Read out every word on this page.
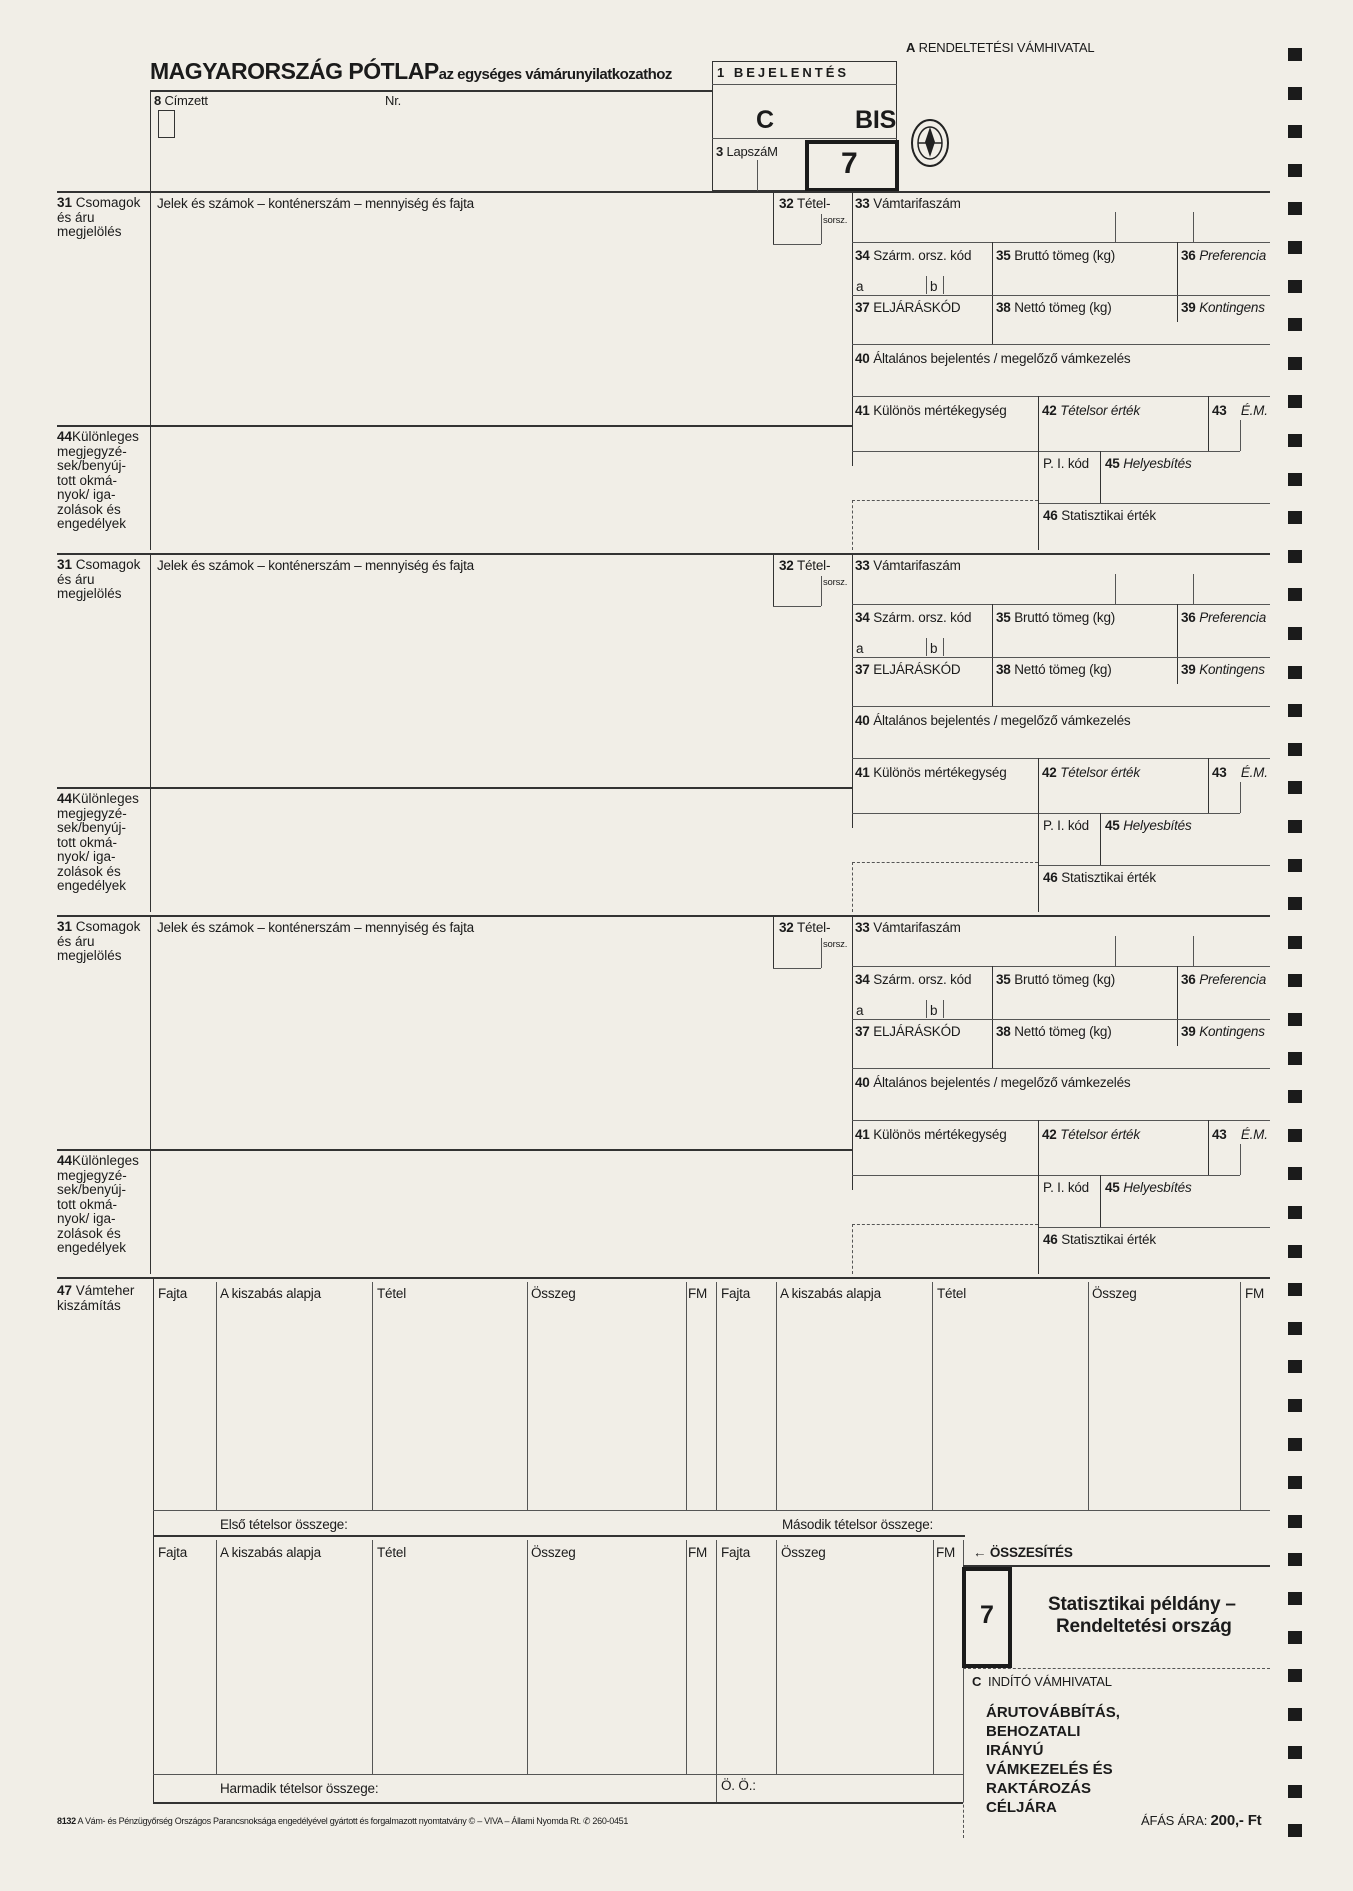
MAGYARORSZÁG PÓTLAPaz egységes vámárunyilatkozathoz
A RENDELTETÉSI VÁMHIVATAL
1 BEJELENTÉS
C	BIS
3 LapszáM 7
8 Címzett	Nr.
31 Csomagok
és áru
megjelölés
Jelek és számok – konténerszám – mennyiség és fajta	32 Tétel-
sorsz.
33 Vámtarifaszám
34 Szárm. orsz. kód
a	b
35 Bruttó tömeg (kg)	36 Preferencia
37 ELJÁRÁSKÓD	38 Nettó tömeg (kg)	39 Kontingens
40 Általános bejelentés / megelőző vámkezelés
41 Különös mértékegység	42 Tételsor érték	43 É.M.
P. I. kód 45 Helyesbítés
46 Statisztikai érték
44Különleges
megjegyzé-
sek/benyúj-
tott okmá-
nyok/ iga-
zolások és
engedélyek
31 Csomagok
és áru
megjelölés
Jelek és számok – konténerszám – mennyiség és fajta	32 Tétel-
sorsz.
33 Vámtarifaszám
34 Szárm. orsz. kód
a	b
35 Bruttó tömeg (kg)	36 Preferencia
37 ELJÁRÁSKÓD	38 Nettó tömeg (kg)	39 Kontingens
40 Általános bejelentés / megelőző vámkezelés
41 Különös mértékegység	42 Tételsor érték	43 É.M.
P. I. kód 45 Helyesbítés
46 Statisztikai érték
44Különleges
megjegyzé-
sek/benyúj-
tott okmá-
nyok/ iga-
zolások és
engedélyek
31 Csomagok
és áru
megjelölés
Jelek és számok – konténerszám – mennyiség és fajta	32 Tétel-
sorsz.
33 Vámtarifaszám
34 Szárm. orsz. kód
a	b
35 Bruttó tömeg (kg)	36 Preferencia
37 ELJÁRÁSKÓD	38 Nettó tömeg (kg)	39 Kontingens
40 Általános bejelentés / megelőző vámkezelés
41 Különös mértékegység	42 Tételsor érték	43 É.M.
P. I. kód 45 Helyesbítés
46 Statisztikai érték
44Különleges
megjegyzé-
sek/benyúj-
tott okmá-
nyok/ iga-
zolások és
engedélyek
47 Vámteher
kiszámítás
Fajta A kiszabás alapja	Tétel	Összeg	FM Fajta A kiszabás alapja	Tétel	Összeg	FM
Első tételsor összege:	Második tételsor összege:
Fajta A kiszabás alapja	Tétel	Összeg	FM Fajta Összeg	FM ← ÖSSZESÍTÉS
Harmadik tételsor összege:	Ö. Ö.:
7	Statisztikai példány –
Rendeltetési ország
C INDÍTÓ VÁMHIVATAL
ÁRUTOVÁBBÍTÁS,
BEHOZATALI
IRÁNYÚ
VÁMKEZELÉS ÉS
RAKTÁROZÁS
CÉLJÁRA
ÁFÁS ÁRA: 200,- Ft
8132 A Vám- és Pénzügyőrség Országos Parancsnoksága engedélyével gyártott és forgalmazott nyomtatvány © – VIVA – Állami Nyomda Rt. ✆ 260-0451
